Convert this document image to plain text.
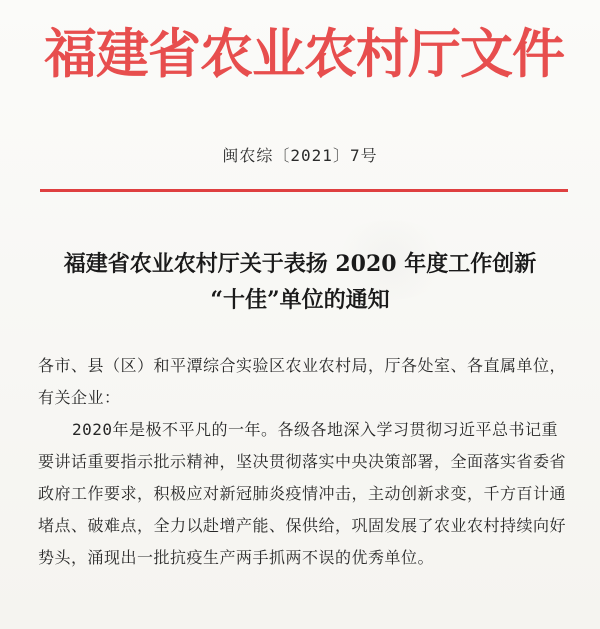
福建省农业农村厅文件
闽农综〔2021〕7号
福建省农业农村厅关于表扬 2020 年度工作创新
“十佳”单位的通知
各市、县（区）和平潭综合实验区农业农村局，厅各处室、各直属单位，有关企业：
2020年是极不平凡的一年。各级各地深入学习贯彻习近平总书记重要讲话重要指示批示精神，坚决贯彻落实中央决策部署，全面落实省委省政府工作要求，积极应对新冠肺炎疫情冲击，主动创新求变，千方百计通堵点、破难点，全力以赴增产能、保供给，巩固发展了农业农村持续向好势头，涌现出一批抗疫生产两手抓两不误的优秀单位。
